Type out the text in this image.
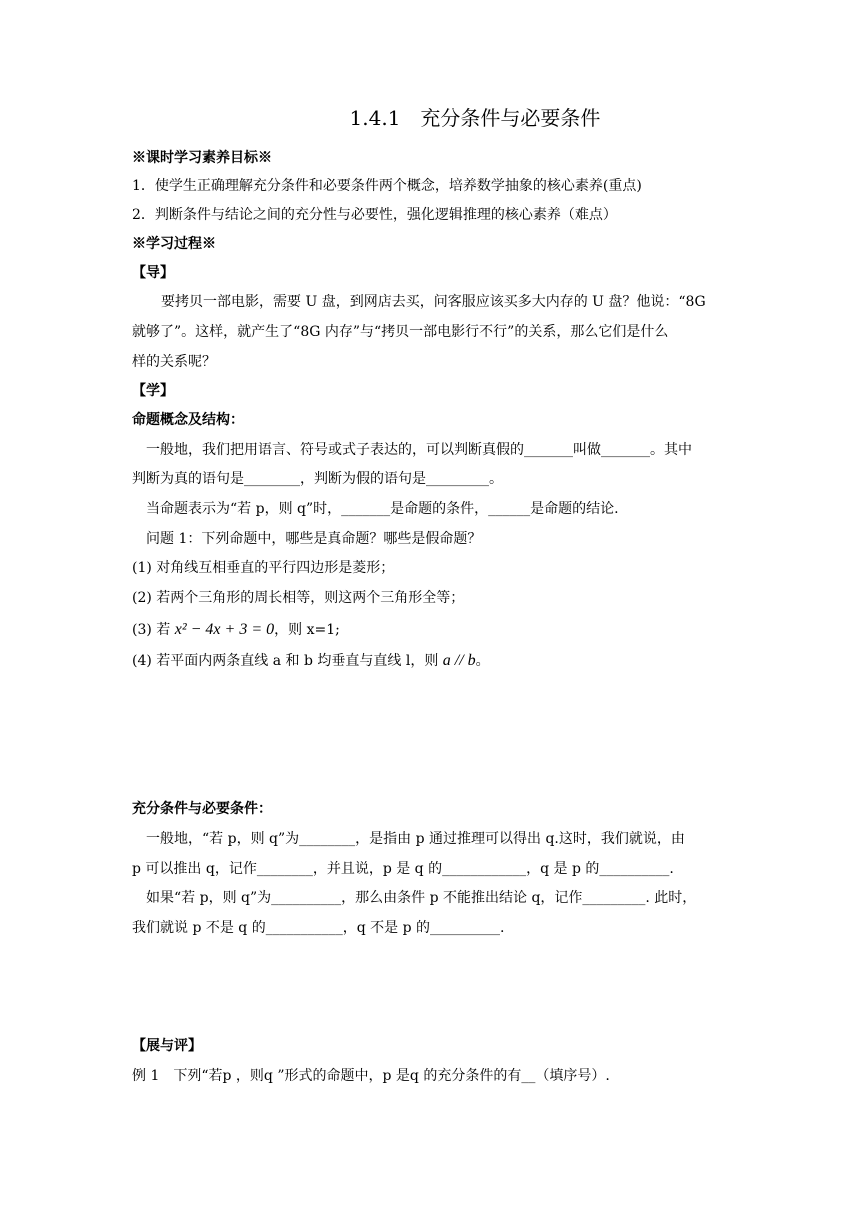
1.4.1　充分条件与必要条件
※课时学习素养目标※
1．使学生正确理解充分条件和必要条件两个概念，培养数学抽象的核心素养(重点)
2．判断条件与结论之间的充分性与必要性，强化逻辑推理的核心素养（难点）
※学习过程※
【导】
要拷贝一部电影，需要 U 盘，到网店去买，问客服应该买多大内存的 U 盘？他说：“8G
就够了”。这样，就产生了“8G 内存”与“拷贝一部电影行不行”的关系，那么它们是什么
样的关系呢？
【学】
命题概念及结构：
一般地，我们把用语言、符号或式子表达的，可以判断真假的_______叫做_______。其中
判断为真的语句是________，判断为假的语句是_________。
当命题表示为“若 p，则 q”时，_______是命题的条件，______是命题的结论.
问题 1：下列命题中，哪些是真命题？哪些是假命题？
(1) 对角线互相垂直的平行四边形是菱形；
(2) 若两个三角形的周长相等，则这两个三角形全等；
(3) 若 x² − 4x + 3 = 0，则 x=1;
(4) 若平面内两条直线 a 和 b 均垂直与直线 l，则 a // b。
充分条件与必要条件：
一般地，“若 p，则 q”为________，是指由 p 通过推理可以得出 q.这时，我们就说，由
p 可以推出 q，记作________，并且说，p 是 q 的____________，q 是 p 的__________.
如果“若 p，则 q”为__________，那么由条件 p 不能推出结论 q，记作_________. 此时，
我们就说 p 不是 q 的___________，q 不是 p 的__________.
【展与评】
例 1　下列“若p ，则q ”形式的命题中，p 是q 的充分条件的有__（填序号）.
